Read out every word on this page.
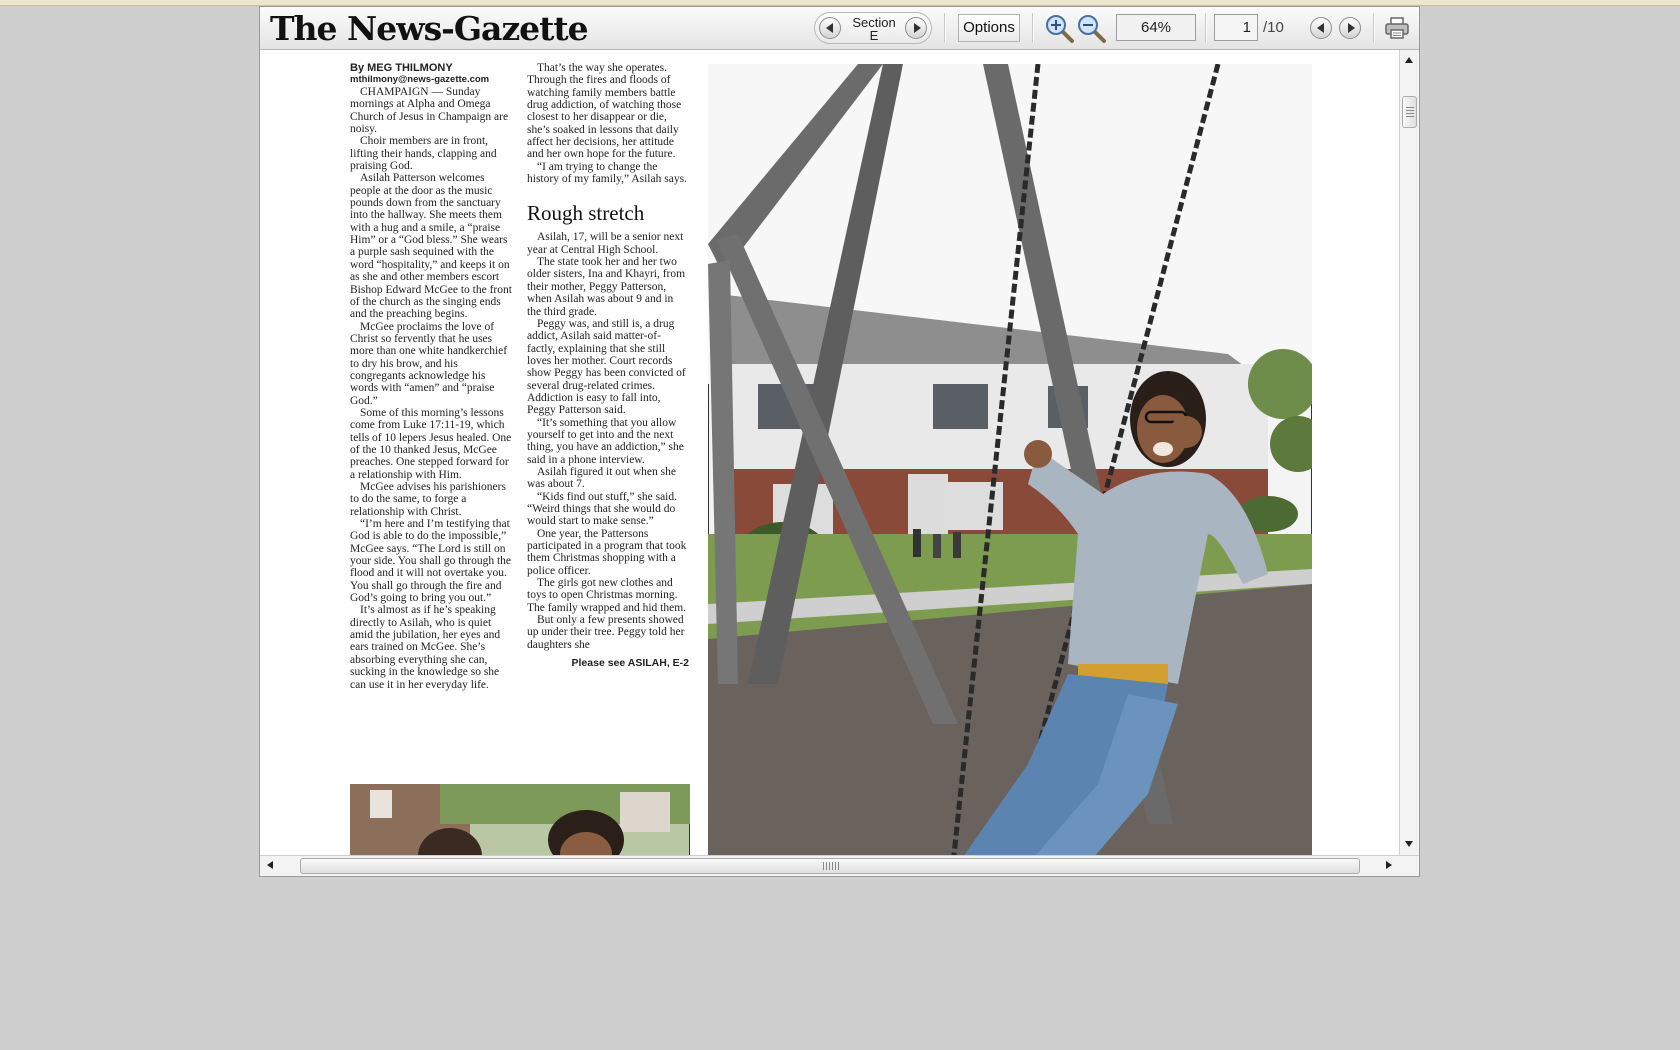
The News-Gazette	Section
E	Options	64%	1 /10
By MEG THILMONY
mthilmony@news-gazette.com

CHAMPAIGN — Sunday mornings at Alpha and Omega Church of Jesus in Champaign are noisy.

Choir members are in front, lifting their hands, clapping and praising God.

Asilah Patterson welcomes people at the door as the music pounds down from the sanctuary into the hallway. She meets them with a hug and a smile, a “praise Him” or a “God bless.” She wears a purple sash sequined with the word “hospitality,” and keeps it on as she and other members escort Bishop Edward McGee to the front of the church as the singing ends and the preaching begins.

McGee proclaims the love of Christ so fervently that he uses more than one white handkerchief to dry his brow, and his congregants acknowledge his words with “amen” and “praise God.”

Some of this morning’s lessons come from Luke 17:11-19, which tells of 10 lepers Jesus healed. One of the 10 thanked Jesus, McGee preaches. One stepped forward for a relationship with Him.

McGee advises his parishioners to do the same, to forge a relationship with Christ.

“I’m here and I’m testifying that God is able to do the impossible,” McGee says. “The Lord is still on your side. You shall go through the flood and it will not overtake you. You shall go through the fire and God’s going to bring you out.”

It’s almost as if he’s speaking directly to Asilah, who is quiet amid the jubilation, her eyes and ears trained on McGee. She’s absorbing everything she can, sucking in the knowledge so she can use it in her everyday life.

That’s the way she operates. Through the fires and floods of watching family members battle drug addiction, of watching those closest to her disappear or die, she’s soaked in lessons that daily affect her decisions, her attitude and her own hope for the future.

“I am trying to change the history of my family,” Asilah says.

Rough stretch

Asilah, 17, will be a senior next year at Central High School.

The state took her and her two older sisters, Ina and Khayri, from their mother, Peggy Patterson, when Asilah was about 9 and in the third grade.

Peggy was, and still is, a drug addict, Asilah said matter-of-factly, explaining that she still loves her mother. Court records show Peggy has been convicted of several drug-related crimes. Addiction is easy to fall into, Peggy Patterson said.

“It’s something that you allow yourself to get into and the next thing, you have an addiction,” she said in a phone interview.

Asilah figured it out when she was about 7.

“Kids find out stuff,” she said. “Weird things that she would do would start to make sense.”

One year, the Pattersons participated in a program that took them Christmas shopping with a police officer.

The girls got new clothes and toys to open Christmas morning. The family wrapped and hid them.

But only a few presents showed up under their tree. Peggy told her daughters she

Please see ASILAH, E-2
